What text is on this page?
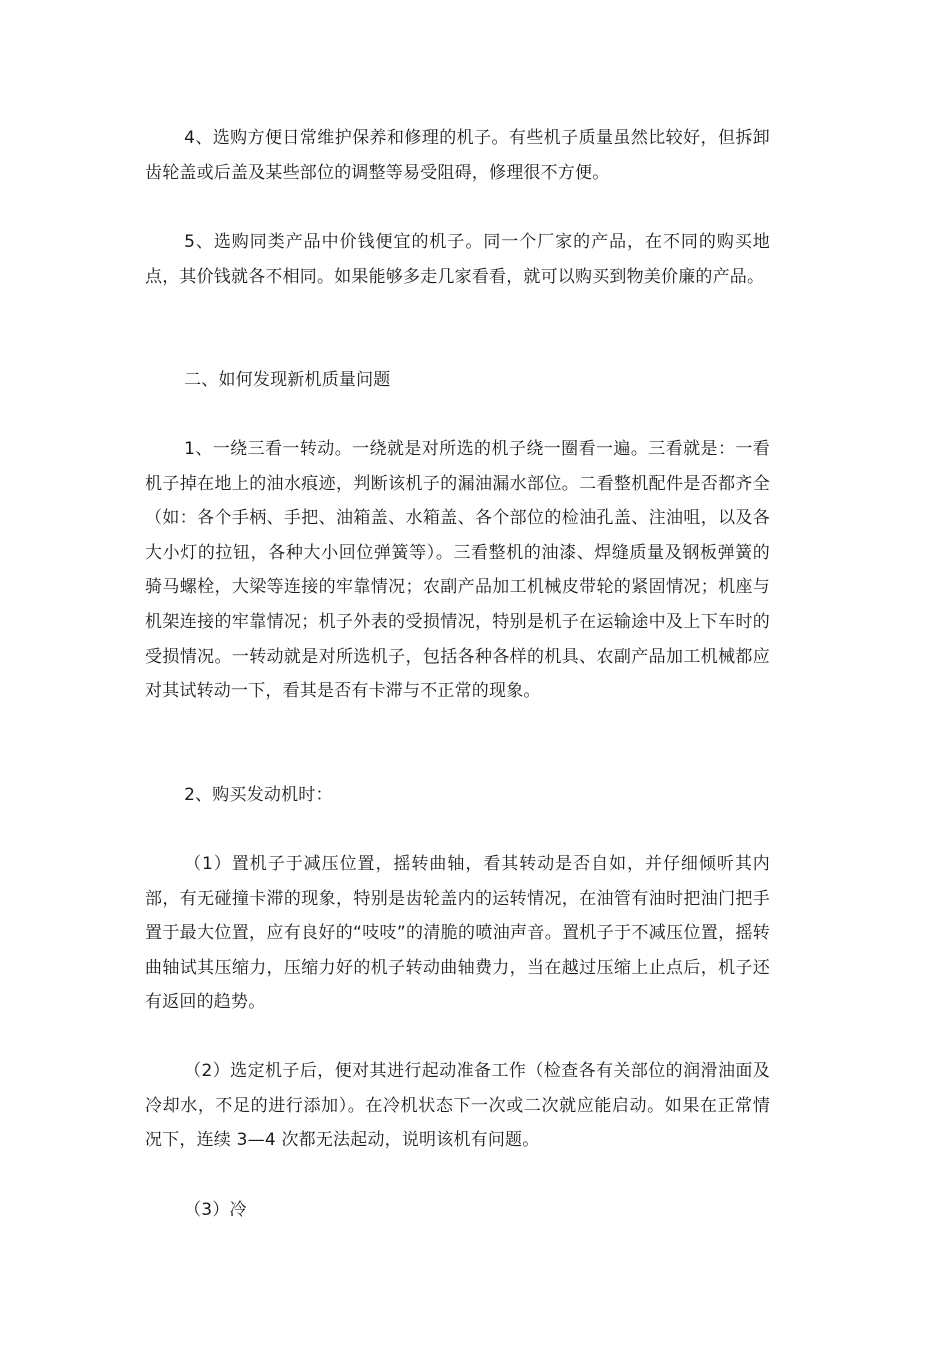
4、选购方便日常维护保养和修理的机子。有些机子质量虽然比较好，但拆卸齿轮盖或后盖及某些部位的调整等易受阻碍，修理很不方便。

5、选购同类产品中价钱便宜的机子。同一个厂家的产品，在不同的购买地点，其价钱就各不相同。如果能够多走几家看看，就可以购买到物美价廉的产品。

二、如何发现新机质量问题

1、一绕三看一转动。一绕就是对所选的机子绕一圈看一遍。三看就是：一看机子掉在地上的油水痕迹，判断该机子的漏油漏水部位。二看整机配件是否都齐全（如：各个手柄、手把、油箱盖、水箱盖、各个部位的检油孔盖、注油咀，以及各大小灯的拉钮，各种大小回位弹簧等）。三看整机的油漆、焊缝质量及钢板弹簧的骑马螺栓，大梁等连接的牢靠情况；农副产品加工机械皮带轮的紧固情况；机座与机架连接的牢靠情况；机子外表的受损情况，特别是机子在运输途中及上下车时的受损情况。一转动就是对所选机子，包括各种各样的机具、农副产品加工机械都应对其试转动一下，看其是否有卡滞与不正常的现象。

2、购买发动机时：

（1）置机子于减压位置，摇转曲轴，看其转动是否自如，并仔细倾听其内部，有无碰撞卡滞的现象，特别是齿轮盖内的运转情况，在油管有油时把油门把手置于最大位置，应有良好的“吱吱”的清脆的喷油声音。置机子于不减压位置，摇转曲轴试其压缩力，压缩力好的机子转动曲轴费力，当在越过压缩上止点后，机子还有返回的趋势。

（2）选定机子后，便对其进行起动准备工作（检查各有关部位的润滑油面及冷却水，不足的进行添加）。在冷机状态下一次或二次就应能启动。如果在正常情况下，连续 3—4 次都无法起动，说明该机有问题。

（3）冷
